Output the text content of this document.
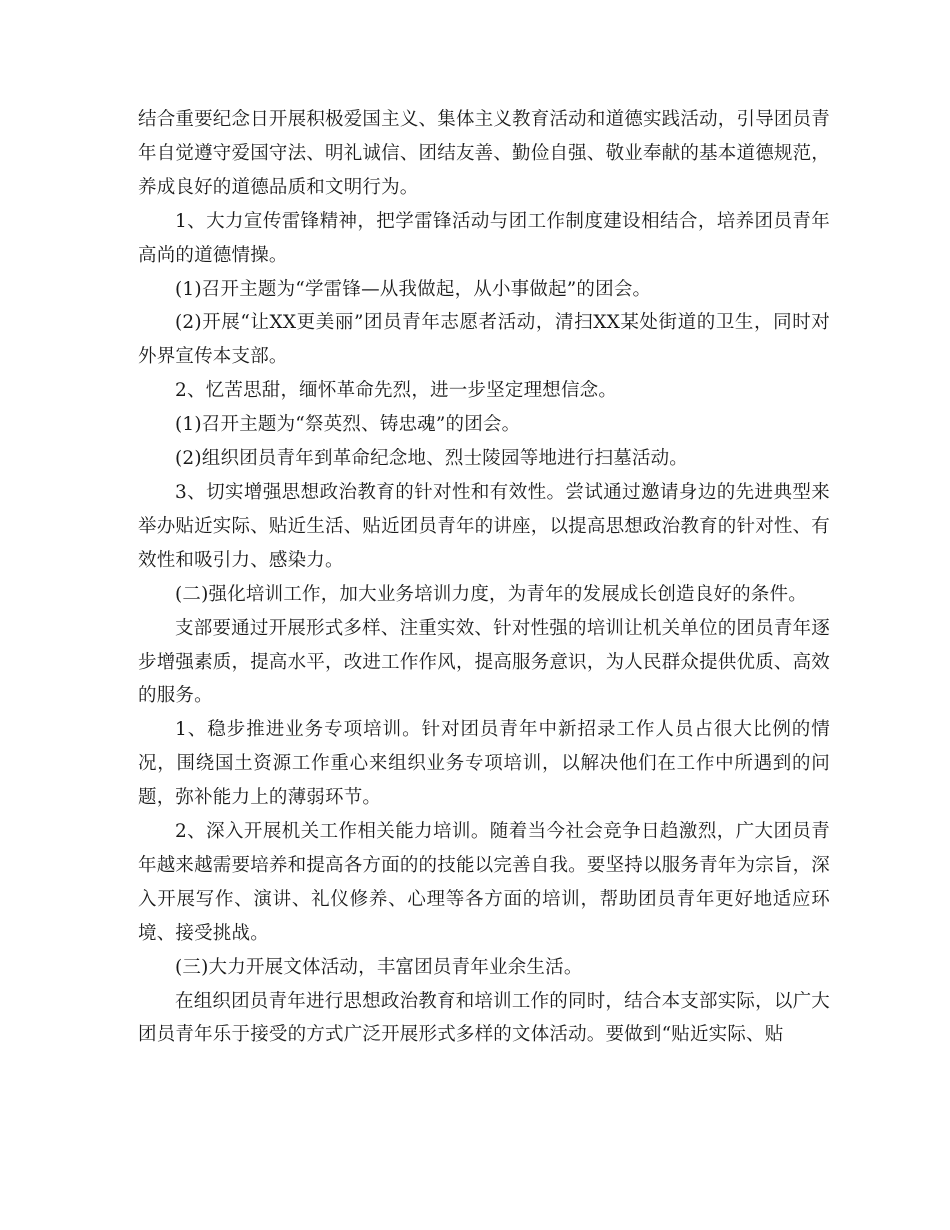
结合重要纪念日开展积极爱国主义、集体主义教育活动和道德实践活动，引导团员青年自觉遵守爱国守法、明礼诚信、团结友善、勤俭自强、敬业奉献的基本道德规范，养成良好的道德品质和文明行为。

1、大力宣传雷锋精神，把学雷锋活动与团工作制度建设相结合，培养团员青年高尚的道德情操。

(1)召开主题为“学雷锋—从我做起，从小事做起”的团会。

(2)开展“让XX更美丽”团员青年志愿者活动，清扫XX某处街道的卫生，同时对外界宣传本支部。

2、忆苦思甜，缅怀革命先烈，进一步坚定理想信念。

(1)召开主题为“祭英烈、铸忠魂”的团会。

(2)组织团员青年到革命纪念地、烈士陵园等地进行扫墓活动。

3、切实增强思想政治教育的针对性和有效性。尝试通过邀请身边的先进典型来举办贴近实际、贴近生活、贴近团员青年的讲座，以提高思想政治教育的针对性、有效性和吸引力、感染力。

(二)强化培训工作，加大业务培训力度，为青年的发展成长创造良好的条件。

支部要通过开展形式多样、注重实效、针对性强的培训让机关单位的团员青年逐步增强素质，提高水平，改进工作作风，提高服务意识，为人民群众提供优质、高效的服务。

1、稳步推进业务专项培训。针对团员青年中新招录工作人员占很大比例的情况，围绕国土资源工作重心来组织业务专项培训，以解决他们在工作中所遇到的问题，弥补能力上的薄弱环节。

2、深入开展机关工作相关能力培训。随着当今社会竞争日趋激烈，广大团员青年越来越需要培养和提高各方面的的技能以完善自我。要坚持以服务青年为宗旨，深入开展写作、演讲、礼仪修养、心理等各方面的培训，帮助团员青年更好地适应环境、接受挑战。

(三)大力开展文体活动，丰富团员青年业余生活。

在组织团员青年进行思想政治教育和培训工作的同时，结合本支部实际，以广大团员青年乐于接受的方式广泛开展形式多样的文体活动。要做到“贴近实际、贴
